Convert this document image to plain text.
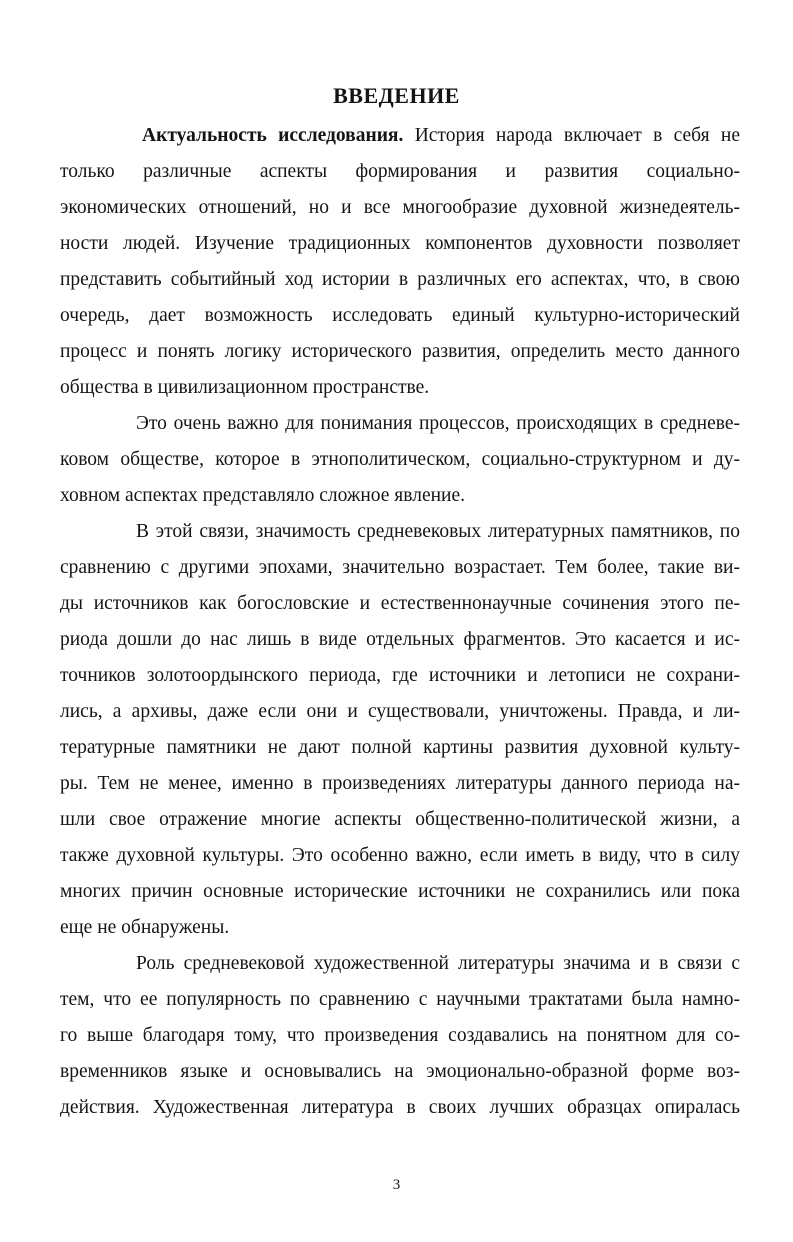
ВВЕДЕНИЕ
Актуальность исследования. История народа включает в себя не
только различные аспекты формирования и развития социально-
экономических отношений, но и все многообразие духовной жизнедеятель-
ности людей. Изучение традиционных компонентов духовности позволяет
представить событийный ход истории в различных его аспектах, что, в свою
очередь, дает возможность исследовать единый культурно-исторический
процесс и понять логику исторического развития, определить место данного
общества в цивилизационном пространстве.
Это очень важно для понимания процессов, происходящих в средневе-
ковом обществе, которое в этнополитическом, социально-структурном и ду-
ховном аспектах представляло сложное явление.
В этой связи, значимость средневековых литературных памятников, по
сравнению с другими эпохами, значительно возрастает. Тем более, такие ви-
ды источников как богословские и естественнонаучные сочинения этого пе-
риода дошли до нас лишь в виде отдельных фрагментов. Это касается и ис-
точников золотоордынского периода, где источники и летописи не сохрани-
лись, а архивы, даже если они и существовали, уничтожены. Правда, и ли-
тературные памятники не дают полной картины развития духовной культу-
ры. Тем не менее, именно в произведениях литературы данного периода на-
шли свое отражение многие аспекты общественно-политической жизни, а
также духовной культуры. Это особенно важно, если иметь в виду, что в силу
многих причин основные исторические источники не сохранились или пока
еще не обнаружены.
Роль средневековой художественной литературы значима и в связи с
тем, что ее популярность по сравнению с научными трактатами была намно-
го выше благодаря тому, что произведения создавались на понятном для со-
временников языке и основывались на эмоционально-образной форме воз-
действия. Художественная литература в своих лучших образцах опиралась
3
